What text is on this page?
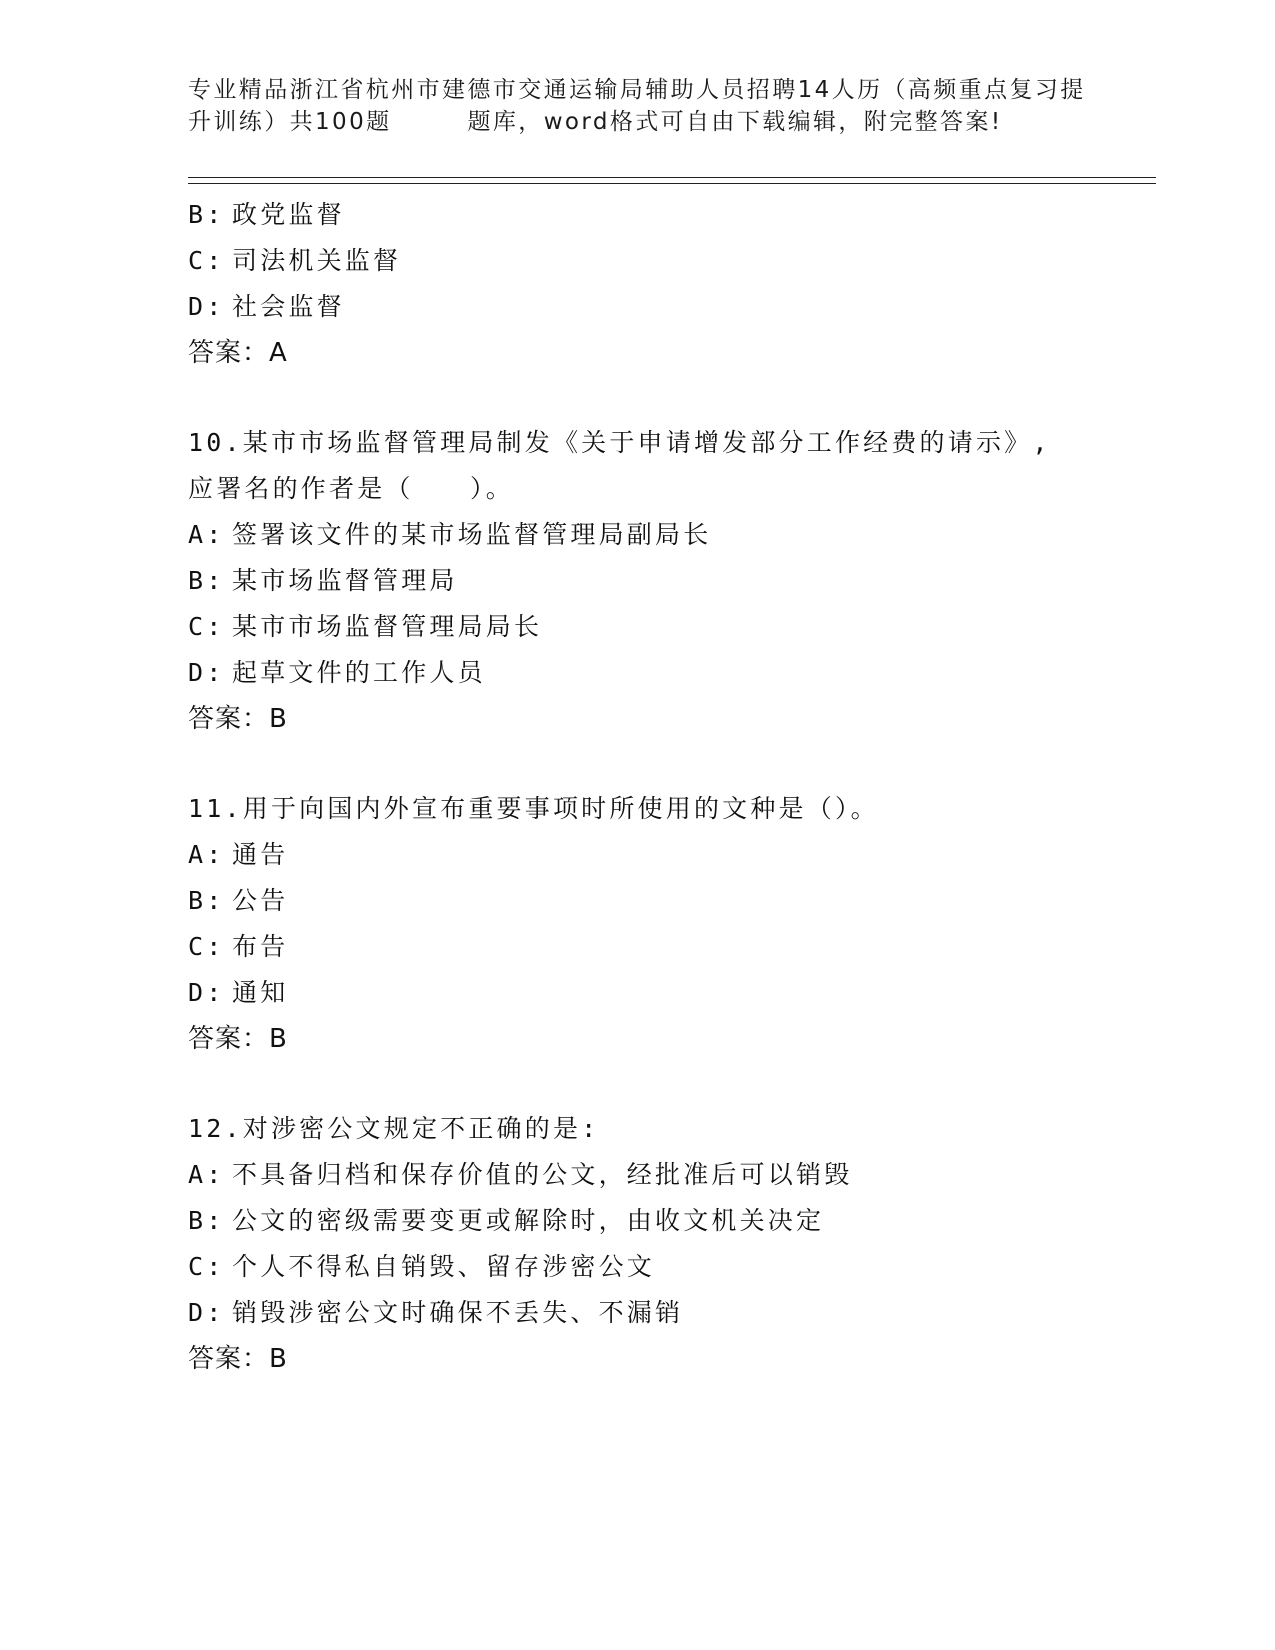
专业精品浙江省杭州市建德市交通运输局辅助人员招聘14人历（高频重点复习提
升训练）共100题	题库，word格式可自由下载编辑，附完整答案!
B: 政党监督
C: 司法机关监督
D: 社会监督
答案：A
10.某市市场监督管理局制发《关于申请增发部分工作经费的请示》,
应署名的作者是（　　）。
A: 签署该文件的某市场监督管理局副局长
B: 某市场监督管理局
C: 某市市场监督管理局局长
D: 起草文件的工作人员
答案：B
11.用于向国内外宣布重要事项时所使用的文种是（）。
A: 通告
B: 公告
C: 布告
D: 通知
答案：B
12.对涉密公文规定不正确的是:
A: 不具备归档和保存价值的公文，经批准后可以销毁
B: 公文的密级需要变更或解除时，由收文机关决定
C: 个人不得私自销毁、留存涉密公文
D: 销毁涉密公文时确保不丢失、不漏销
答案：B
